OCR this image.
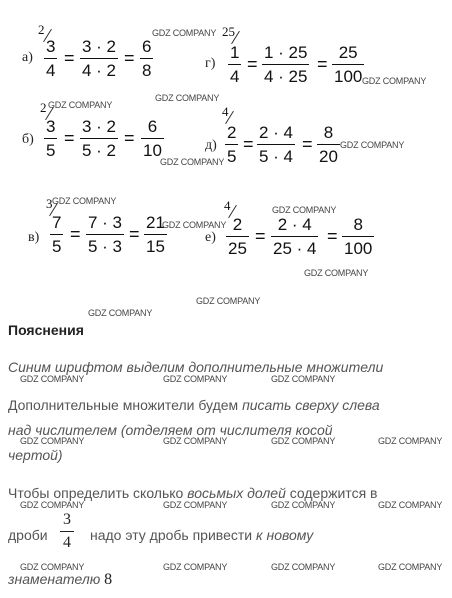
а)
2
3
4
=
3 · 2
4 · 2
=
6
8	г)
25
1
4
=
1 · 25
4 · 25
=
25
100
б)
2
3
5
=
3 · 2
5 · 2
=
6
10	д)
4
2
5
=
2 · 4
5 · 4
=
8
20
в)
3
7
5
=
7 · 3
5 · 3
=
21
15	е)
4
2
25
=
2 · 4
25 · 4
=
8
100
Пояснения
Синим шрифтом выделим дополнительные множители
Дополнительные множители будем писать сверху слева
над числителем (отделяем от числителя косой
чертой)
Чтобы определить сколько восьмых долей содержится в
дроби
3
4 надо эту дробь привести к новому
знаменателю 8
GDZ COMPANY
GDZ COMPANY
GDZ COMPANY
GDZ COMPANY
GDZ COMPANY
GDZ COMPANY
GDZ COMPANY
GDZ COMPANY
GDZ COMPANY
GDZ COMPANY
GDZ COMPANY
GDZ COMPANY
GDZ COMPANY	GDZ COMPANY	GDZ COMPANY
GDZ COMPANY	GDZ COMPANY	GDZ COMPANY	GDZ COMPANY
GDZ COMPANY	GDZ COMPANY	GDZ COMPANY	GDZ COMPANY
GDZ COMPANY	GDZ COMPANY	GDZ COMPANY	GDZ COMPANY
